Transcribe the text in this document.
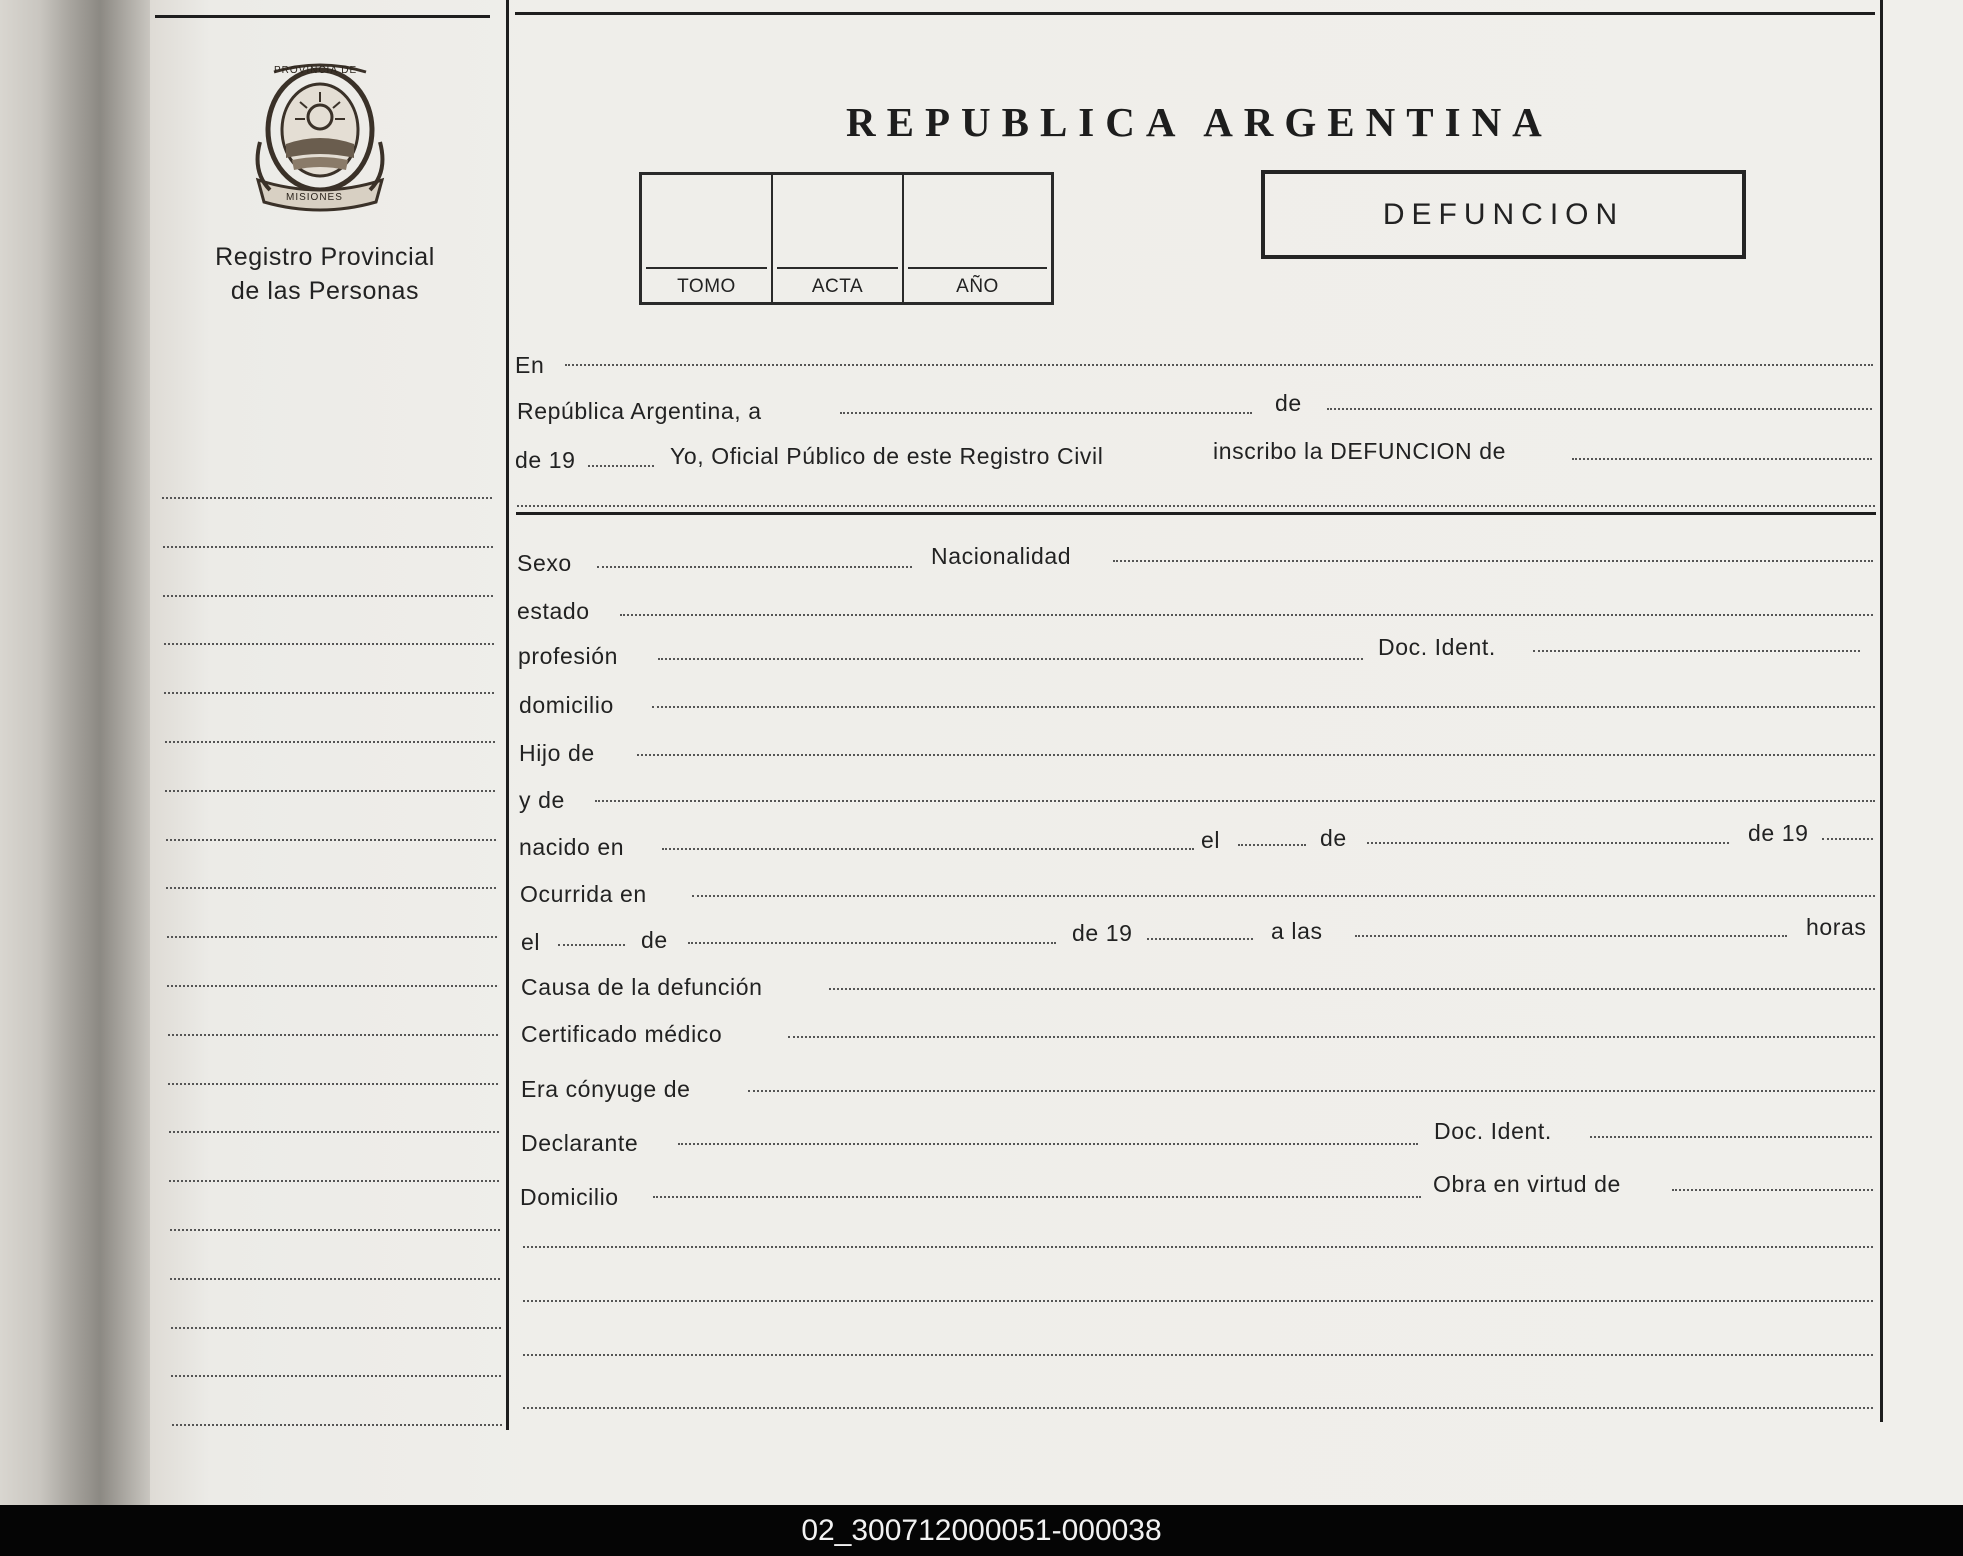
PROVINCIA DE
MISIONES
Registro Provincial
de las Personas
REPUBLICA ARGENTINA
TOMO	ACTA	AÑO
DEFUNCION
En
República Argentina, a	de
de 19	Yo, Oficial Público de este Registro Civil	inscribo la DEFUNCION de
Sexo	Nacionalidad
estado
profesión	Doc. Ident.
domicilio
Hijo de
y de
nacido en	el	de	de 19
Ocurrida en
el	de	de 19	a las	horas
Causa de la defunción
Certificado médico
Era cónyuge de
Declarante	Doc. Ident.
Domicilio	Obra en virtud de
02_300712000051-000038
